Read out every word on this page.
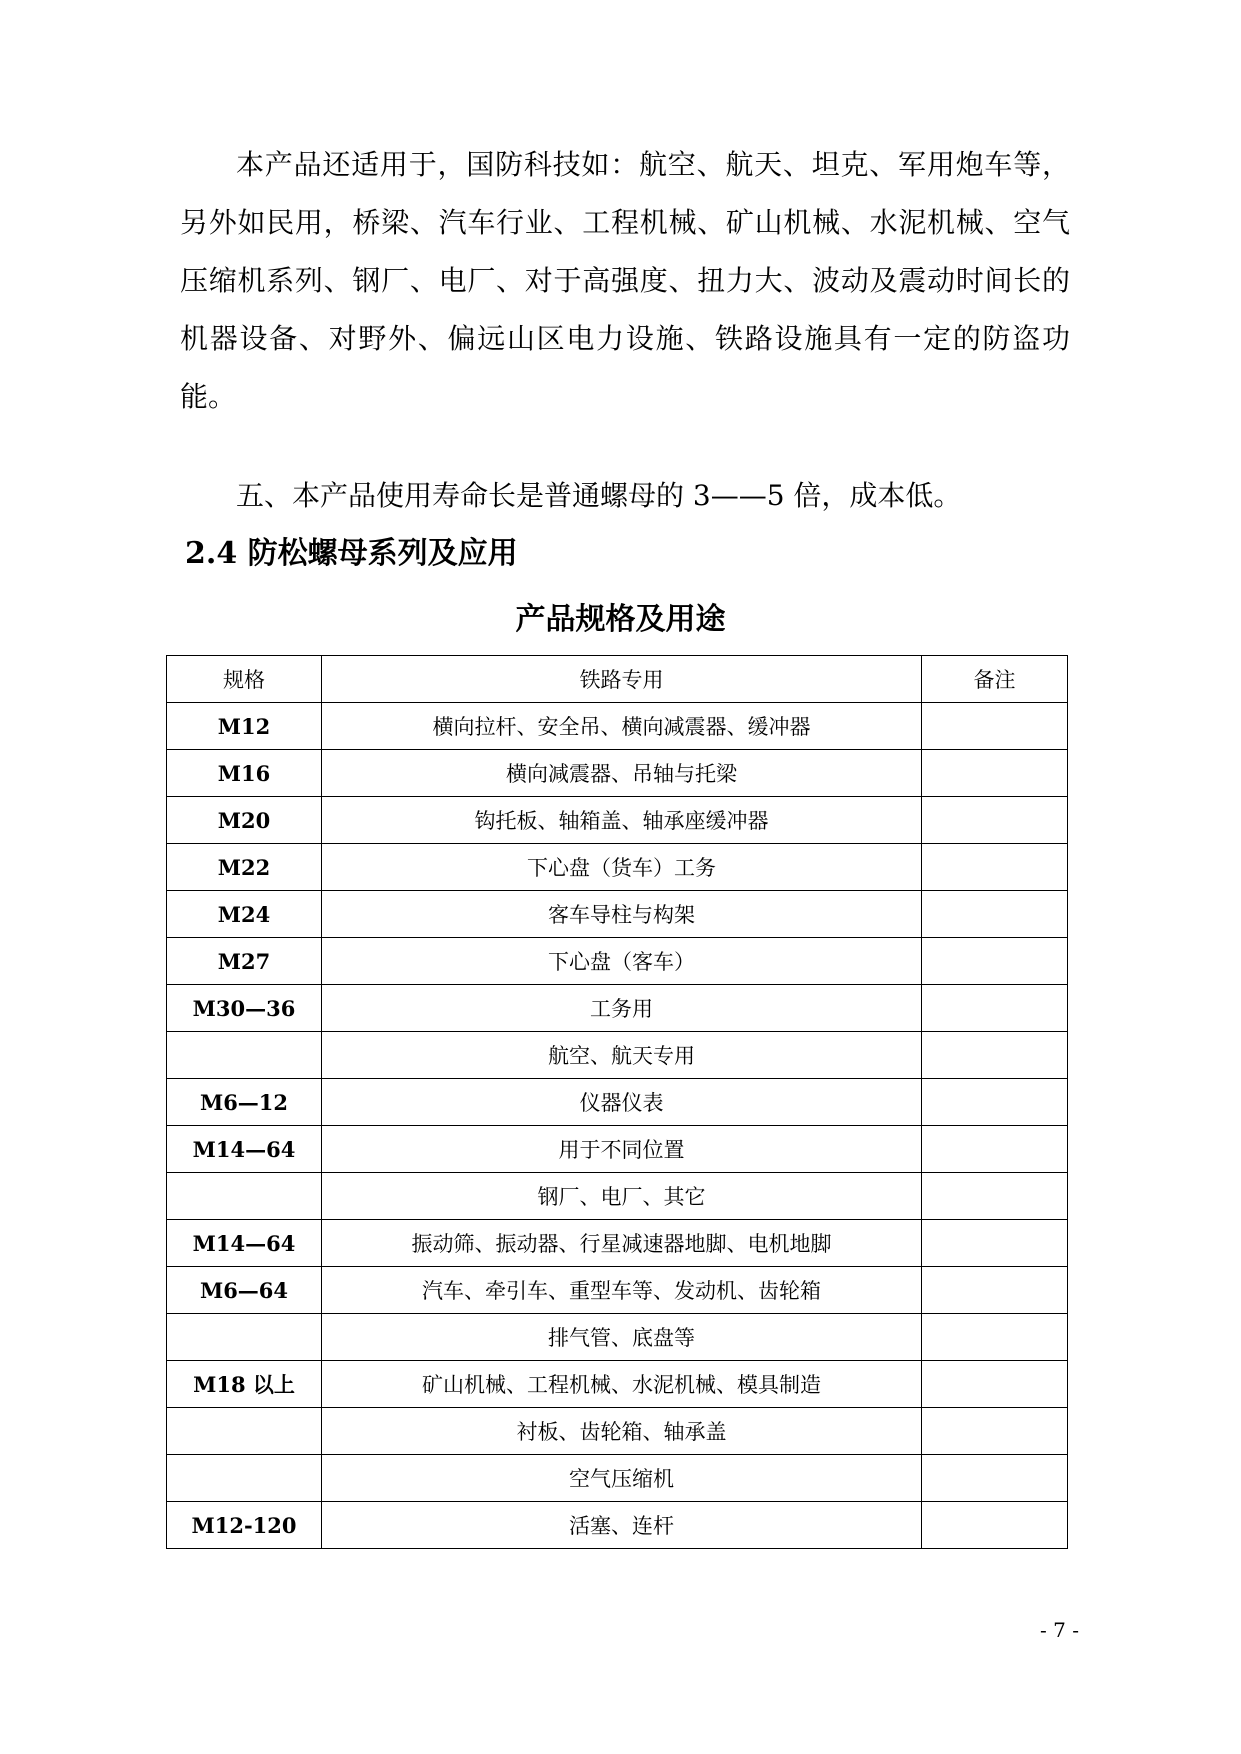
本产品还适用于，国防科技如：航空、航天、坦克、军用炮车等，另外如民用，桥梁、汽车行业、工程机械、矿山机械、水泥机械、空气压缩机系列、钢厂、电厂、对于高强度、扭力大、波动及震动时间长的机器设备、对野外、偏远山区电力设施、铁路设施具有一定的防盗功能。

五、本产品使用寿命长是普通螺母的 3——5 倍，成本低。

2.4 防松螺母系列及应用
产品规格及用途
规格	铁路专用	备注
M12	横向拉杆、安全吊、横向减震器、缓冲器	
M16	横向减震器、吊轴与托梁	
M20	钩托板、轴箱盖、轴承座缓冲器	
M22	下心盘（货车）工务	
M24	客车导柱与构架	
M27	下心盘（客车）	
M30—36	工务用	
	航空、航天专用	
M6—12	仪器仪表	
M14—64	用于不同位置	
	钢厂、电厂、其它	
M14—64	振动筛、振动器、行星减速器地脚、电机地脚	
M6—64	汽车、牵引车、重型车等、发动机、齿轮箱	
	排气管、底盘等	
M18 以上	矿山机械、工程机械、水泥机械、模具制造	
	衬板、齿轮箱、轴承盖	
	空气压缩机	
M12-120	活塞、连杆	

- 7 -
